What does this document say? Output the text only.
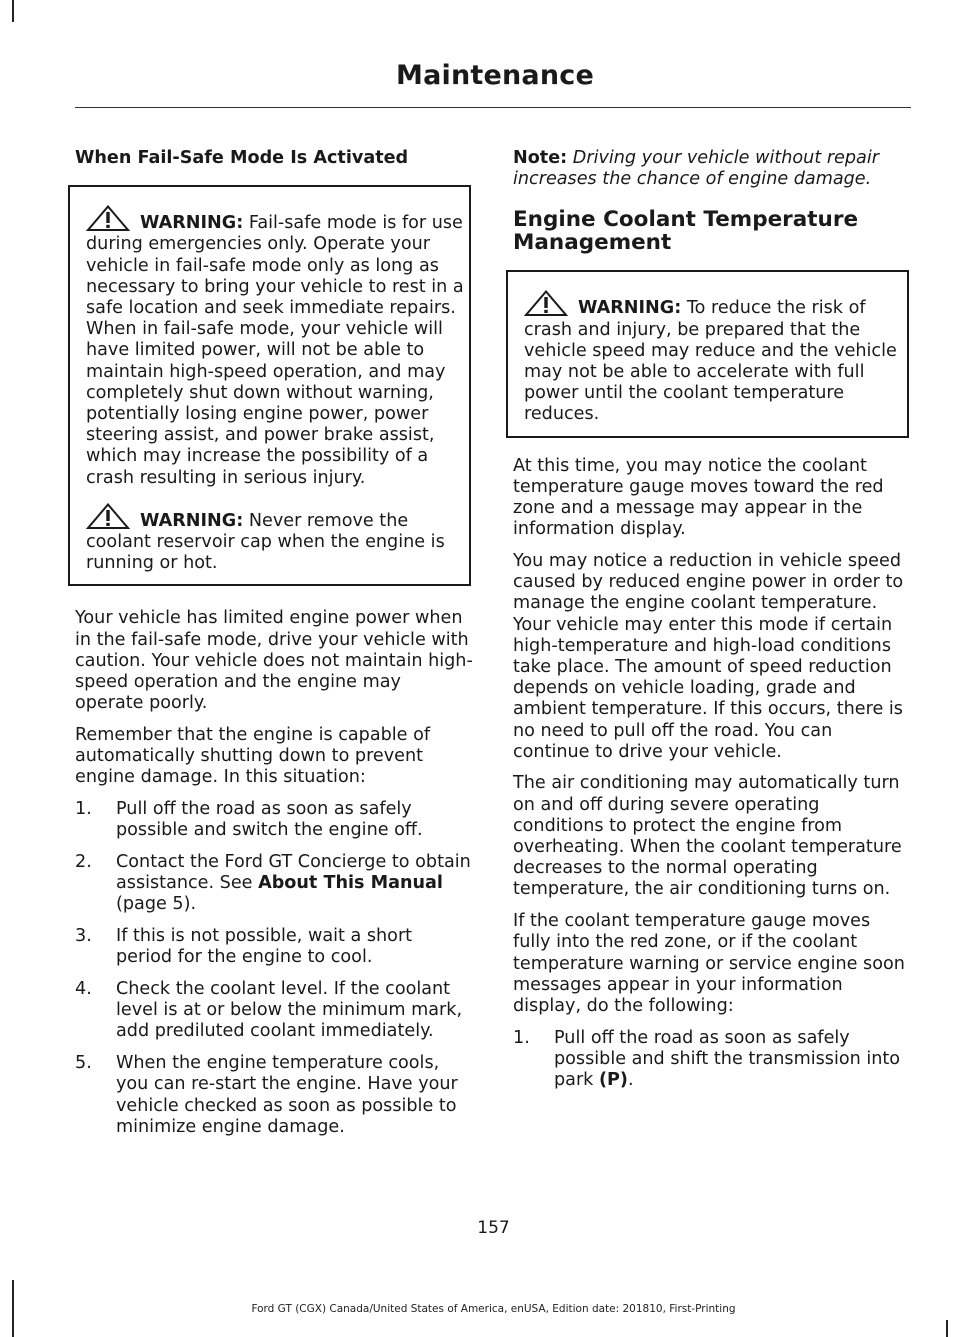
Maintenance
When Fail-Safe Mode Is Activated
WARNING: Fail-safe mode is for use during emergencies only. Operate your vehicle in fail-safe mode only as long as necessary to bring your vehicle to rest in a safe location and seek immediate repairs. When in fail-safe mode, your vehicle will have limited power, will not be able to maintain high-speed operation, and may completely shut down without warning, potentially losing engine power, power steering assist, and power brake assist, which may increase the possibility of a crash resulting in serious injury.
WARNING: Never remove the coolant reservoir cap when the engine is running or hot.

Your vehicle has limited engine power when in the fail-safe mode, drive your vehicle with caution. Your vehicle does not maintain high-speed operation and the engine may operate poorly.

Remember that the engine is capable of automatically shutting down to prevent engine damage. In this situation:

1. Pull off the road as soon as safely possible and switch the engine off.
2. Contact the Ford GT Concierge to obtain assistance. See About This Manual (page 5).
3. If this is not possible, wait a short period for the engine to cool.
4. Check the coolant level. If the coolant level is at or below the minimum mark, add prediluted coolant immediately.
5. When the engine temperature cools, you can re-start the engine. Have your vehicle checked as soon as possible to minimize engine damage.

Note: Driving your vehicle without repair increases the chance of engine damage.

Engine Coolant Temperature Management
WARNING: To reduce the risk of crash and injury, be prepared that the vehicle speed may reduce and the vehicle may not be able to accelerate with full power until the coolant temperature reduces.

At this time, you may notice the coolant temperature gauge moves toward the red zone and a message may appear in the information display.

You may notice a reduction in vehicle speed caused by reduced engine power in order to manage the engine coolant temperature. Your vehicle may enter this mode if certain high-temperature and high-load conditions take place. The amount of speed reduction depends on vehicle loading, grade and ambient temperature. If this occurs, there is no need to pull off the road. You can continue to drive your vehicle.

The air conditioning may automatically turn on and off during severe operating conditions to protect the engine from overheating. When the coolant temperature decreases to the normal operating temperature, the air conditioning turns on.

If the coolant temperature gauge moves fully into the red zone, or if the coolant temperature warning or service engine soon messages appear in your information display, do the following:

1. Pull off the road as soon as safely possible and shift the transmission into park (P).
157
Ford GT (CGX) Canada/United States of America, enUSA, Edition date: 201810, First-Printing
